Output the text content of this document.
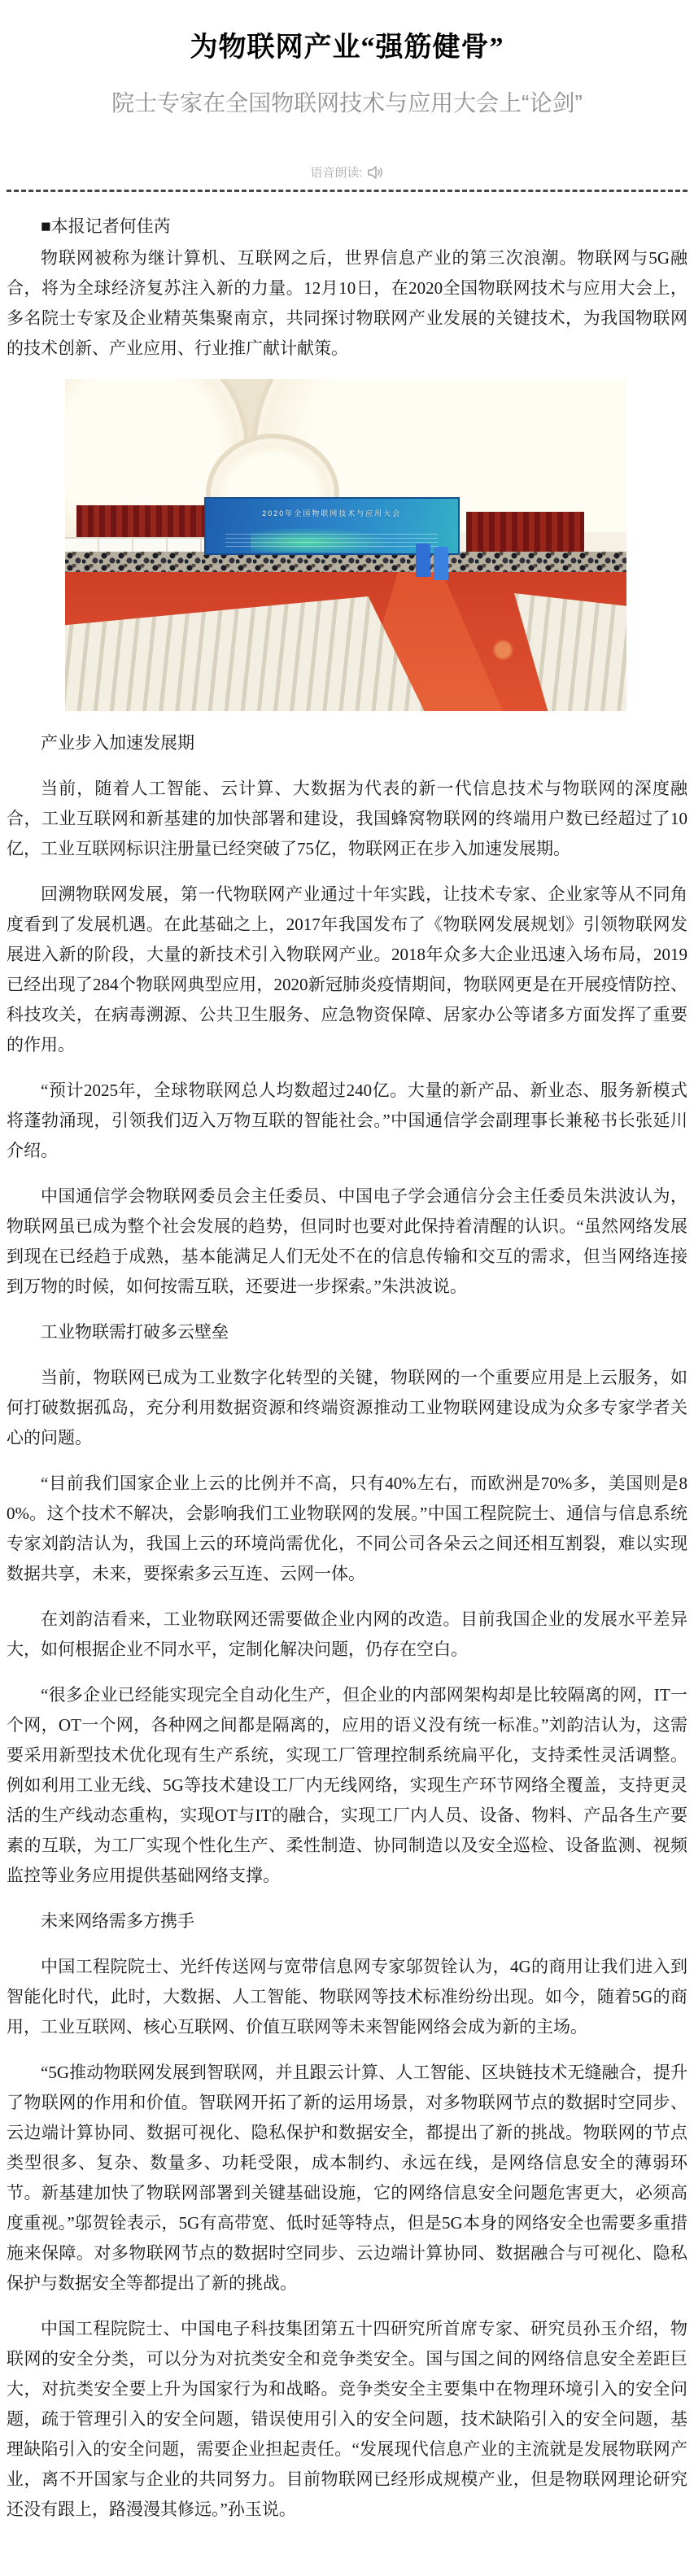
为物联网产业“强筋健骨”
院士专家在全国物联网技术与应用大会上“论剑”
语音朗读:
■本报记者何佳芮

物联网被称为继计算机、互联网之后，世界信息产业的第三次浪潮。物联网与5G融合，将为全球经济复苏注入新的力量。12月10日，在2020全国物联网技术与应用大会上，多名院士专家及企业精英集聚南京，共同探讨物联网产业发展的关键技术，为我国物联网的技术创新、产业应用、行业推广献计献策。

2020年全国物联网技术与应用大会
产业步入加速发展期

当前，随着人工智能、云计算、大数据为代表的新一代信息技术与物联网的深度融合，工业互联网和新基建的加快部署和建设，我国蜂窝物联网的终端用户数已经超过了10亿，工业互联网标识注册量已经突破了75亿，物联网正在步入加速发展期。

回溯物联网发展，第一代物联网产业通过十年实践，让技术专家、企业家等从不同角度看到了发展机遇。在此基础之上，2017年我国发布了《物联网发展规划》引领物联网发展进入新的阶段，大量的新技术引入物联网产业。2018年众多大企业迅速入场布局，2019已经出现了284个物联网典型应用，2020新冠肺炎疫情期间，物联网更是在开展疫情防控、科技攻关，在病毒溯源、公共卫生服务、应急物资保障、居家办公等诸多方面发挥了重要的作用。

“预计2025年，全球物联网总人均数超过240亿。大量的新产品、新业态、服务新模式将蓬勃涌现，引领我们迈入万物互联的智能社会。”中国通信学会副理事长兼秘书长张延川介绍。

中国通信学会物联网委员会主任委员、中国电子学会通信分会主任委员朱洪波认为，物联网虽已成为整个社会发展的趋势，但同时也要对此保持着清醒的认识。“虽然网络发展到现在已经趋于成熟，基本能满足人们无处不在的信息传输和交互的需求，但当网络连接到万物的时候，如何按需互联，还要进一步探索。”朱洪波说。

工业物联需打破多云壁垒

当前，物联网已成为工业数字化转型的关键，物联网的一个重要应用是上云服务，如何打破数据孤岛，充分利用数据资源和终端资源推动工业物联网建设成为众多专家学者关心的问题。

“目前我们国家企业上云的比例并不高，只有40%左右，而欧洲是70%多，美国则是80%。这个技术不解决，会影响我们工业物联网的发展。”中国工程院院士、通信与信息系统专家刘韵洁认为，我国上云的环境尚需优化，不同公司各朵云之间还相互割裂，难以实现数据共享，未来，要探索多云互连、云网一体。

在刘韵洁看来，工业物联网还需要做企业内网的改造。目前我国企业的发展水平差异大，如何根据企业不同水平，定制化解决问题，仍存在空白。

“很多企业已经能实现完全自动化生产，但企业的内部网架构却是比较隔离的网，IT一个网，OT一个网，各种网之间都是隔离的，应用的语义没有统一标准。”刘韵洁认为，这需要采用新型技术优化现有生产系统，实现工厂管理控制系统扁平化，支持柔性灵活调整。例如利用工业无线、5G等技术建设工厂内无线网络，实现生产环节网络全覆盖，支持更灵活的生产线动态重构，实现OT与IT的融合，实现工厂内人员、设备、物料、产品各生产要素的互联，为工厂实现个性化生产、柔性制造、协同制造以及安全巡检、设备监测、视频监控等业务应用提供基础网络支撑。

未来网络需多方携手

中国工程院院士、光纤传送网与宽带信息网专家邬贺铨认为，4G的商用让我们进入到智能化时代，此时，大数据、人工智能、物联网等技术标准纷纷出现。如今，随着5G的商用，工业互联网、核心互联网、价值互联网等未来智能网络会成为新的主场。

“5G推动物联网发展到智联网，并且跟云计算、人工智能、区块链技术无缝融合，提升了物联网的作用和价值。智联网开拓了新的运用场景，对多物联网节点的数据时空同步、云边端计算协同、数据可视化、隐私保护和数据安全，都提出了新的挑战。物联网的节点类型很多、复杂、数量多、功耗受限，成本制约、永远在线，是网络信息安全的薄弱环节。新基建加快了物联网部署到关键基础设施，它的网络信息安全问题危害更大，必须高度重视。”邬贺铨表示，5G有高带宽、低时延等特点，但是5G本身的网络安全也需要多重措施来保障。对多物联网节点的数据时空同步、云边端计算协同、数据融合与可视化、隐私保护与数据安全等都提出了新的挑战。

中国工程院院士、中国电子科技集团第五十四研究所首席专家、研究员孙玉介绍，物联网的安全分类，可以分为对抗类安全和竞争类安全。国与国之间的网络信息安全差距巨大，对抗类安全要上升为国家行为和战略。竞争类安全主要集中在物理环境引入的安全问题，疏于管理引入的安全问题，错误使用引入的安全问题，技术缺陷引入的安全问题，基理缺陷引入的安全问题，需要企业担起责任。“发展现代信息产业的主流就是发展物联网产业，离不开国家与企业的共同努力。目前物联网已经形成规模产业，但是物联网理论研究还没有跟上，路漫漫其修远。”孙玉说。
